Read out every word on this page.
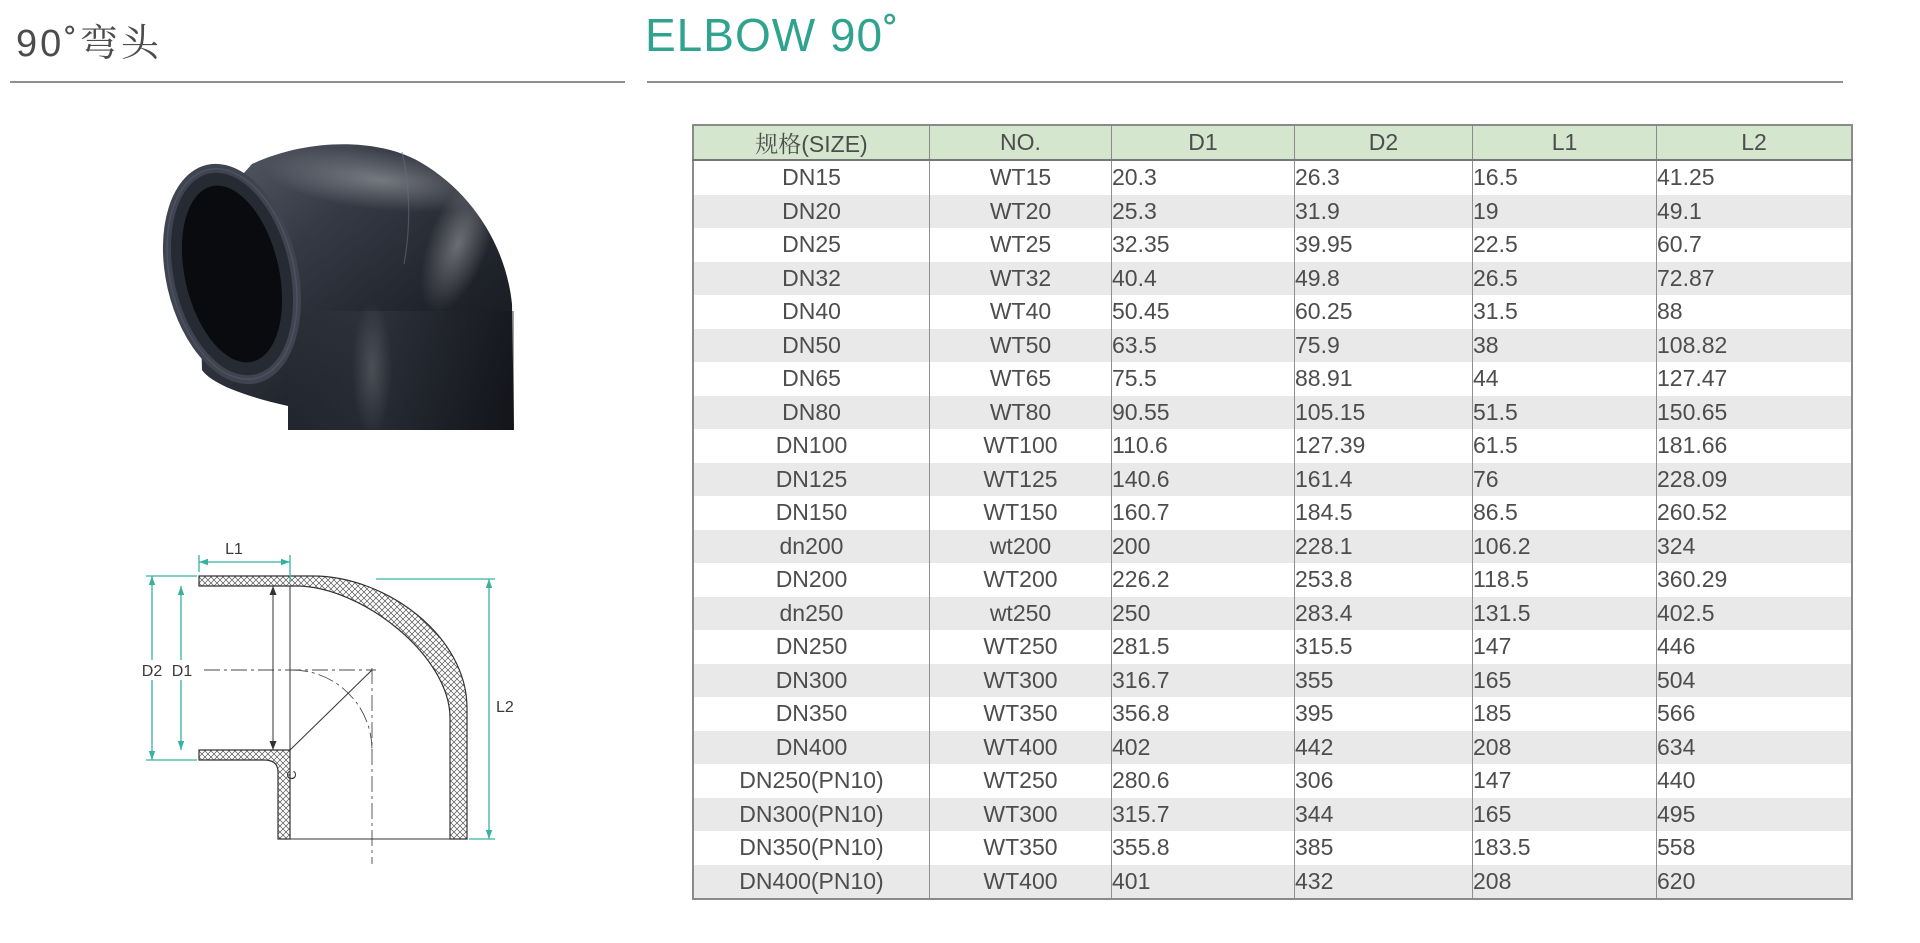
90˚弯头	ELBOW 90˚
L1
D2 D1
L2
C
规格(SIZE)	NO.	D1	D2	L1	L2
DN15	WT15	20.3	26.3	16.5	41.25
DN20	WT20	25.3	31.9	19	49.1
DN25	WT25	32.35	39.95	22.5	60.7
DN32	WT32	40.4	49.8	26.5	72.87
DN40	WT40	50.45	60.25	31.5	88
DN50	WT50	63.5	75.9	38	108.82
DN65	WT65	75.5	88.91	44	127.47
DN80	WT80	90.55	105.15	51.5	150.65
DN100	WT100	110.6	127.39	61.5	181.66
DN125	WT125	140.6	161.4	76	228.09
DN150	WT150	160.7	184.5	86.5	260.52
dn200	wt200	200	228.1	106.2	324
DN200	WT200	226.2	253.8	118.5	360.29
dn250	wt250	250	283.4	131.5	402.5
DN250	WT250	281.5	315.5	147	446
DN300	WT300	316.7	355	165	504
DN350	WT350	356.8	395	185	566
DN400	WT400	402	442	208	634
DN250(PN10)	WT250	280.6	306	147	440
DN300(PN10)	WT300	315.7	344	165	495
DN350(PN10)	WT350	355.8	385	183.5	558
DN400(PN10)	WT400	401	432	208	620
